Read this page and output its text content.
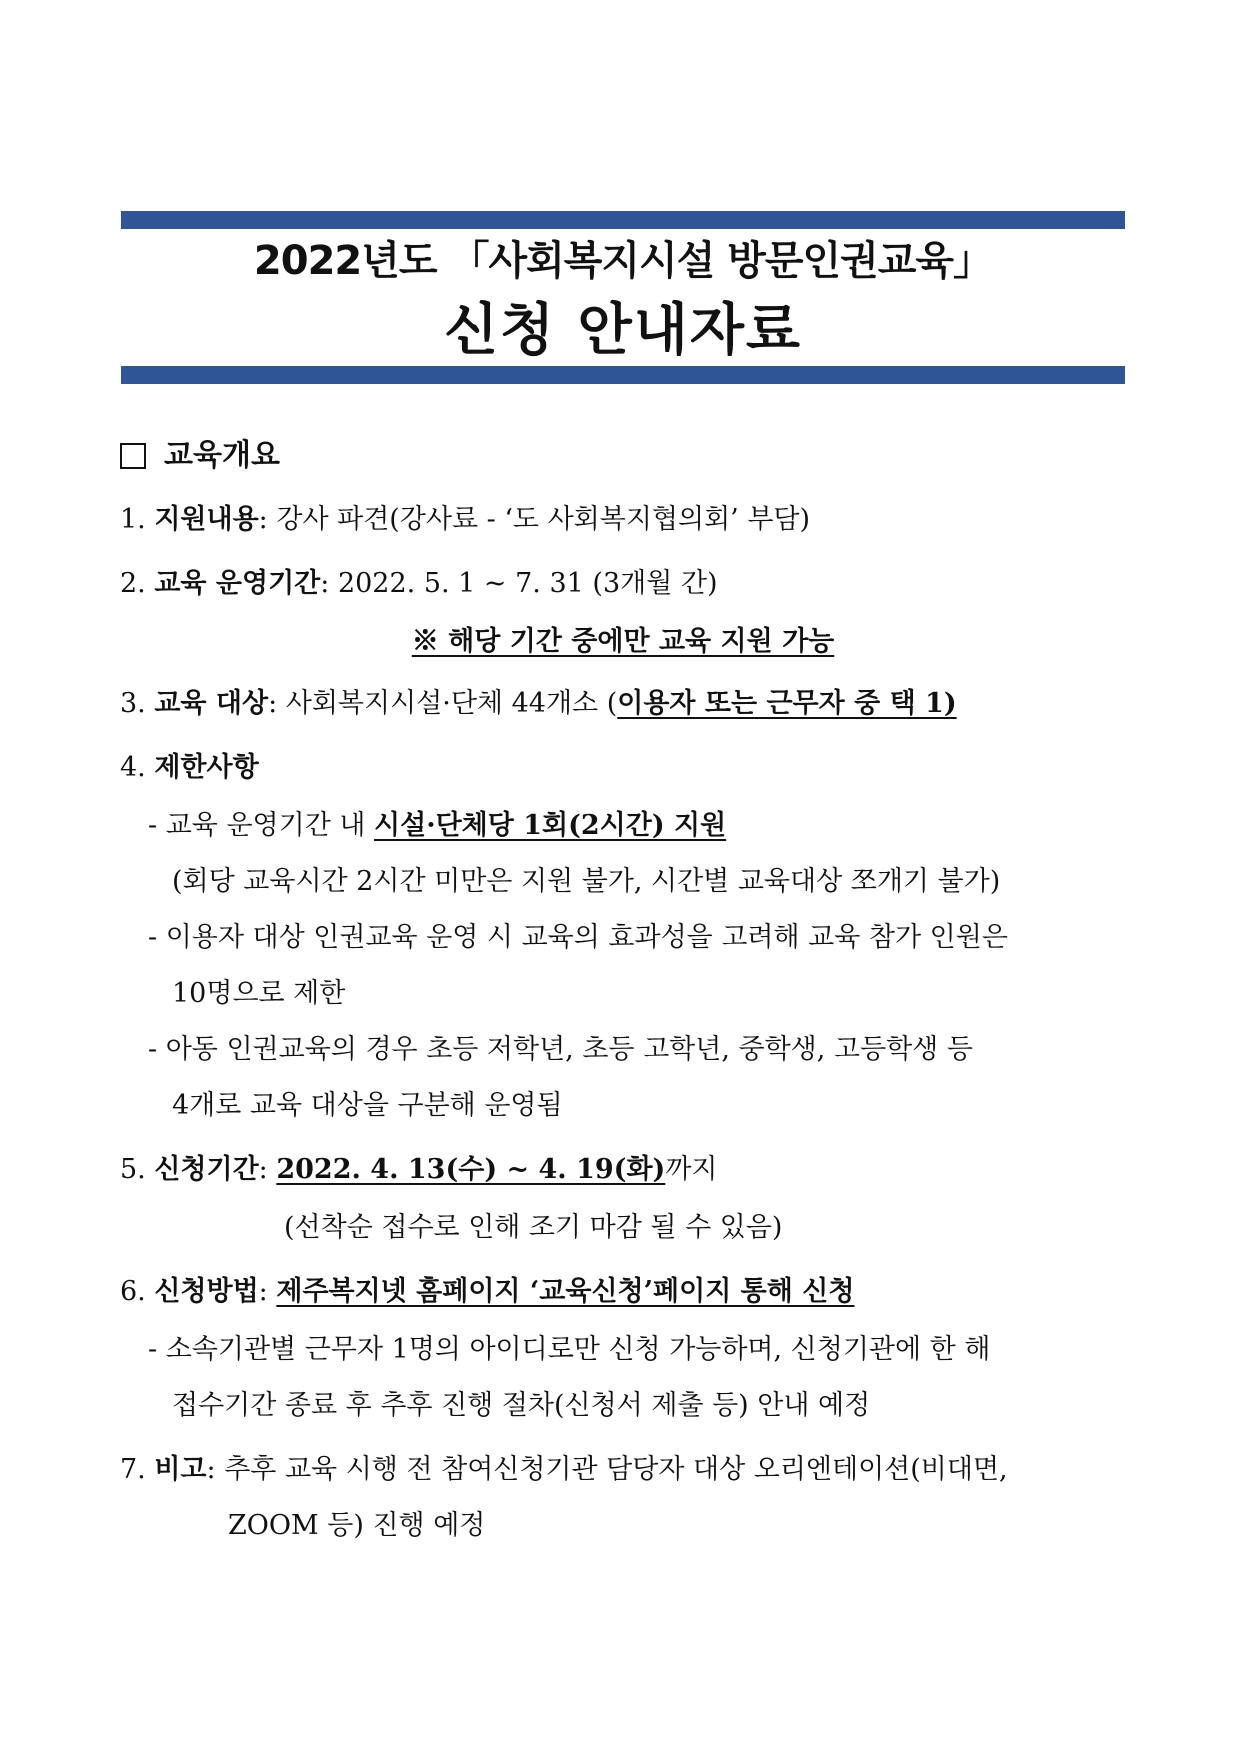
2022년도 「사회복지시설 방문인권교육」
신청 안내자료
교육개요
1. 지원내용: 강사 파견(강사료 - ‘도 사회복지협의회’ 부담)
2. 교육 운영기간: 2022. 5. 1 ~ 7. 31 (3개월 간)
※ 해당 기간 중에만 교육 지원 가능
3. 교육 대상: 사회복지시설·단체 44개소 (이용자 또는 근무자 중 택 1)
4. 제한사항
- 교육 운영기간 내 시설·단체당 1회(2시간) 지원
(회당 교육시간 2시간 미만은 지원 불가, 시간별 교육대상 쪼개기 불가)
- 이용자 대상 인권교육 운영 시 교육의 효과성을 고려해 교육 참가 인원은
10명으로 제한
- 아동 인권교육의 경우 초등 저학년, 초등 고학년, 중학생, 고등학생 등
4개로 교육 대상을 구분해 운영됨
5. 신청기간: 2022. 4. 13(수) ~ 4. 19(화)까지
(선착순 접수로 인해 조기 마감 될 수 있음)
6. 신청방법: 제주복지넷 홈페이지 ‘교육신청’페이지 통해 신청
- 소속기관별 근무자 1명의 아이디로만 신청 가능하며, 신청기관에 한 해
접수기간 종료 후 추후 진행 절차(신청서 제출 등) 안내 예정
7. 비고: 추후 교육 시행 전 참여신청기관 담당자 대상 오리엔테이션(비대면,
ZOOM 등) 진행 예정
